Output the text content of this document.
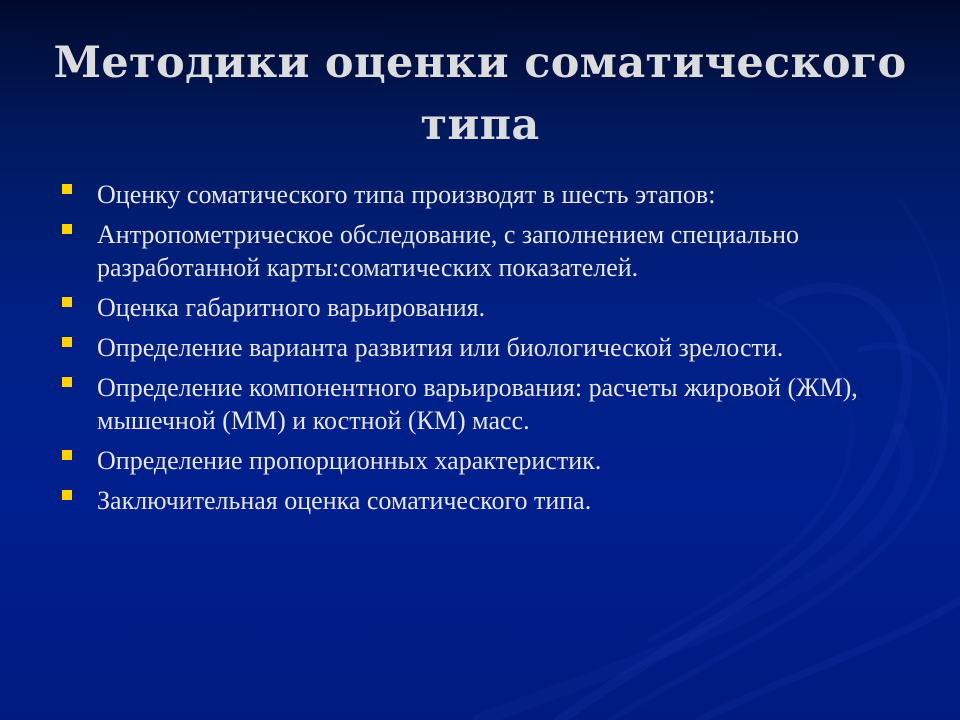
Методики оценки соматического типа
Оценку соматического типа производят в шесть этапов:
Антропометрическое обследование, с заполнением специально разработанной карты:соматических показателей.
Оценка габаритного варьирования.
Определение варианта развития или биологической зрелости.
Определение компонентного варьирования: расчеты жировой (ЖМ), мышечной (ММ) и костной (КМ) масс.
Определение пропорционных характеристик.
Заключительная оценка соматического типа.
